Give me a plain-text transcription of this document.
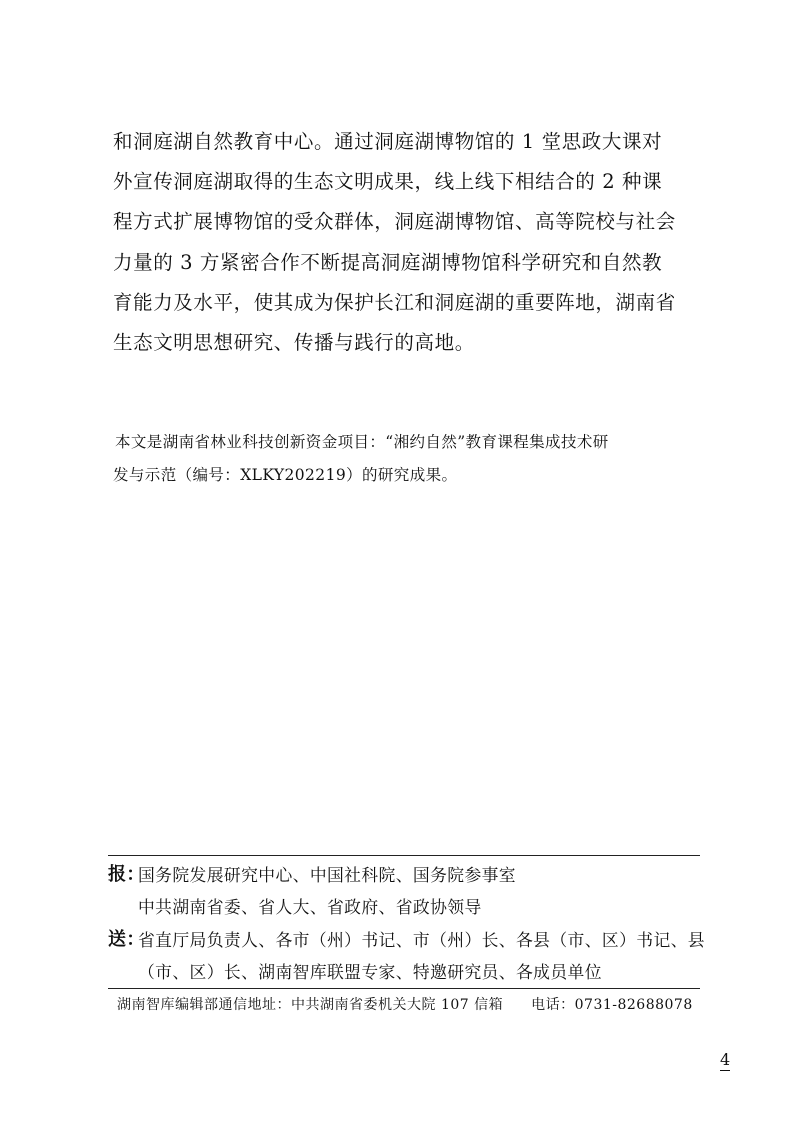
和洞庭湖自然教育中心。通过洞庭湖博物馆的 1 堂思政大课对
外宣传洞庭湖取得的生态文明成果，线上线下相结合的 2 种课
程方式扩展博物馆的受众群体，洞庭湖博物馆、高等院校与社会
力量的 3 方紧密合作不断提高洞庭湖博物馆科学研究和自然教
育能力及水平，使其成为保护长江和洞庭湖的重要阵地，湖南省
生态文明思想研究、传播与践行的高地。
本文是湖南省林业科技创新资金项目：“湘约自然”教育课程集成技术研
发与示范（编号：XLKY202219）的研究成果。
报：
国务院发展研究中心、中国社科院、国务院参事室
中共湖南省委、省人大、省政府、省政协领导
送：
省直厅局负责人、各市（州）书记、市（州）长、各县（市、区）书记、县
（市、区）长、湖南智库联盟专家、特邀研究员、各成员单位
湖南智库编辑部通信地址：中共湖南省委机关大院 107 信箱 电话：0731-82688078
4
